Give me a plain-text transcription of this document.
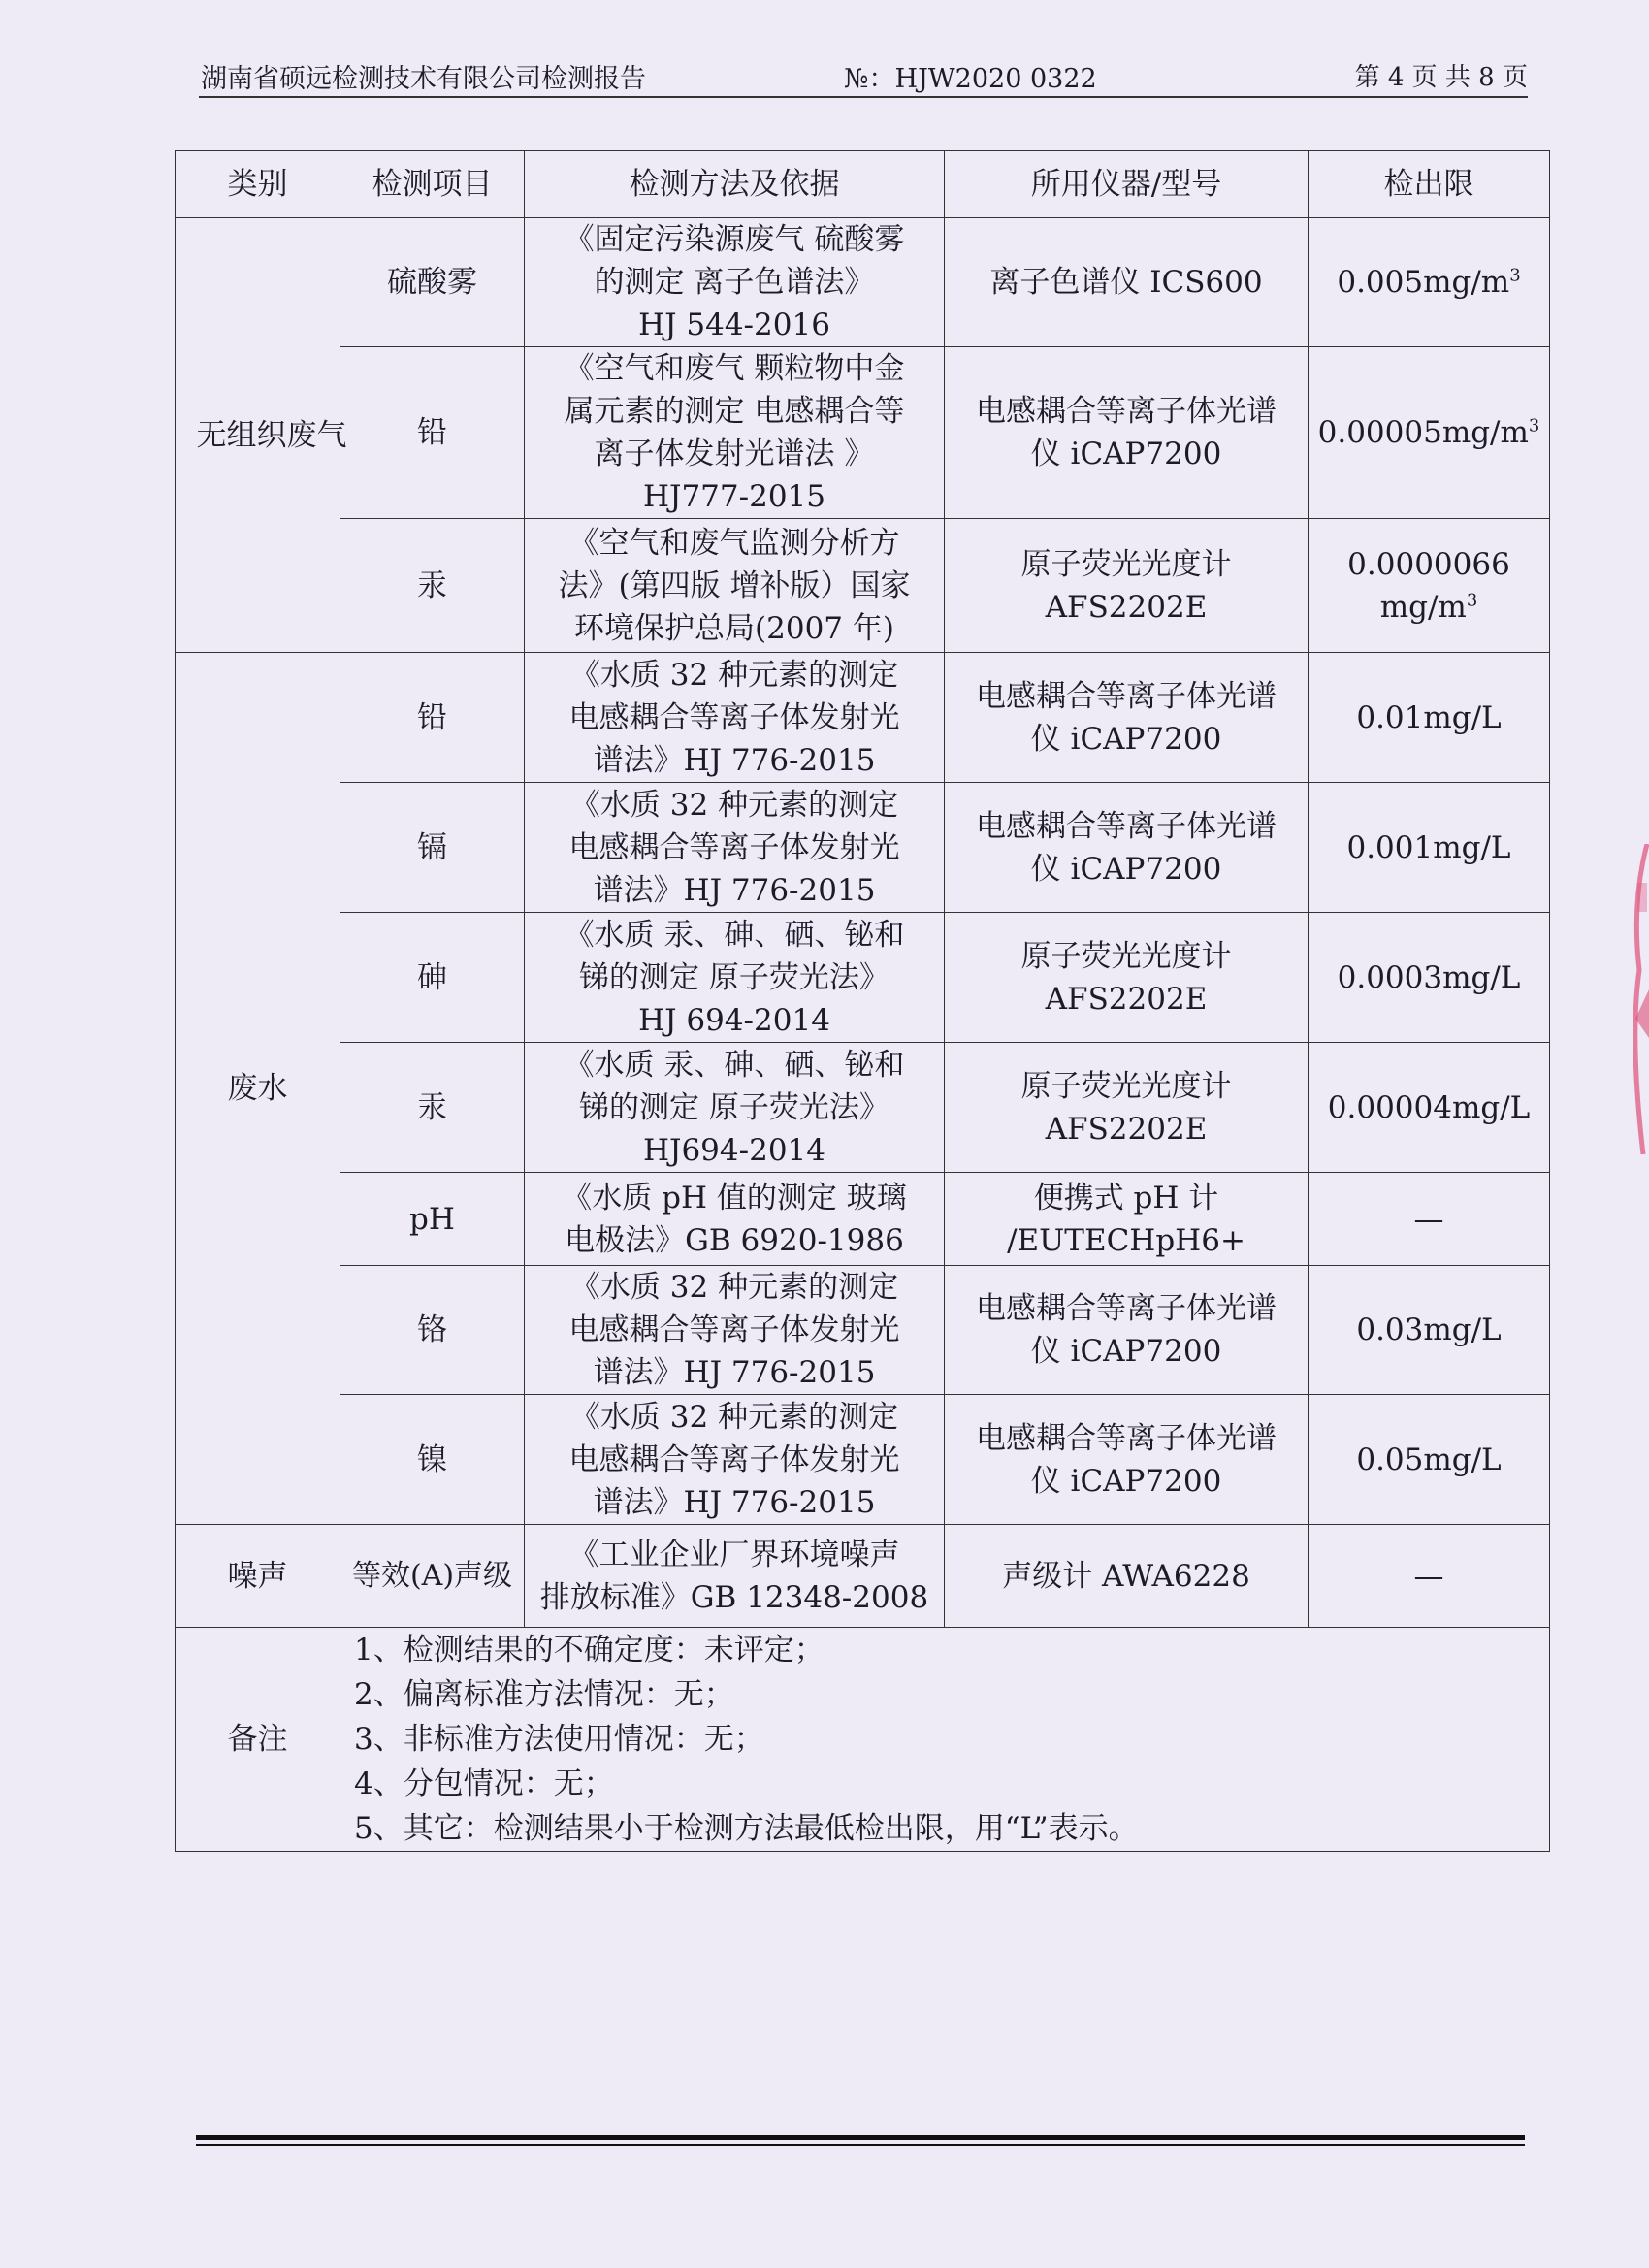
湖南省硕远检测技术有限公司检测报告	№：HJW2020 0322	第 4 页 共 8 页
类别	检测项目	检测方法及依据	所用仪器/型号	检出限
无组织废气	硫酸雾	《固定污染源废气 硫酸雾
的测定 离子色谱法》
HJ 544-2016	离子色谱仪 ICS600	$0.005mg/m^3$
	铅	《空气和废气 颗粒物中金
属元素的测定 电感耦合等
离子体发射光谱法 》
HJ777-2015	电感耦合等离子体光谱
仪 iCAP7200	$0.00005mg/m^3$
	汞	《空气和废气监测分析方
法》(第四版 增补版）国家
环境保护总局(2007 年)	原子荧光光度计
AFS2202E	0.0000066
$mg/m^3$
废水	铅	《水质 32 种元素的测定
电感耦合等离子体发射光
谱法》HJ 776-2015	电感耦合等离子体光谱
仪 iCAP7200	0.01mg/L
	镉	《水质 32 种元素的测定
电感耦合等离子体发射光
谱法》HJ 776-2015	电感耦合等离子体光谱
仪 iCAP7200	0.001mg/L
	砷	《水质 汞、砷、硒、铋和
锑的测定 原子荧光法》
HJ 694-2014	原子荧光光度计
AFS2202E	0.0003mg/L
	汞	《水质 汞、砷、硒、铋和
锑的测定 原子荧光法》
HJ694-2014	原子荧光光度计
AFS2202E	0.00004mg/L
	pH	《水质 pH 值的测定 玻璃
电极法》GB 6920-1986	便携式 pH 计
/EUTECHpH6+	—
	铬	《水质 32 种元素的测定
电感耦合等离子体发射光
谱法》HJ 776-2015	电感耦合等离子体光谱
仪 iCAP7200	0.03mg/L
	镍	《水质 32 种元素的测定
电感耦合等离子体发射光
谱法》HJ 776-2015	电感耦合等离子体光谱
仪 iCAP7200	0.05mg/L
噪声	等效(A)声级	《工业企业厂界环境噪声
排放标准》GB 12348-2008	声级计 AWA6228	—
备注	1、检测结果的不确定度：未评定；
2、偏离标准方法情况：无；
3、非标准方法使用情况：无；
4、分包情况：无；
5、其它：检测结果小于检测方法最低检出限，用“L”表示。			
